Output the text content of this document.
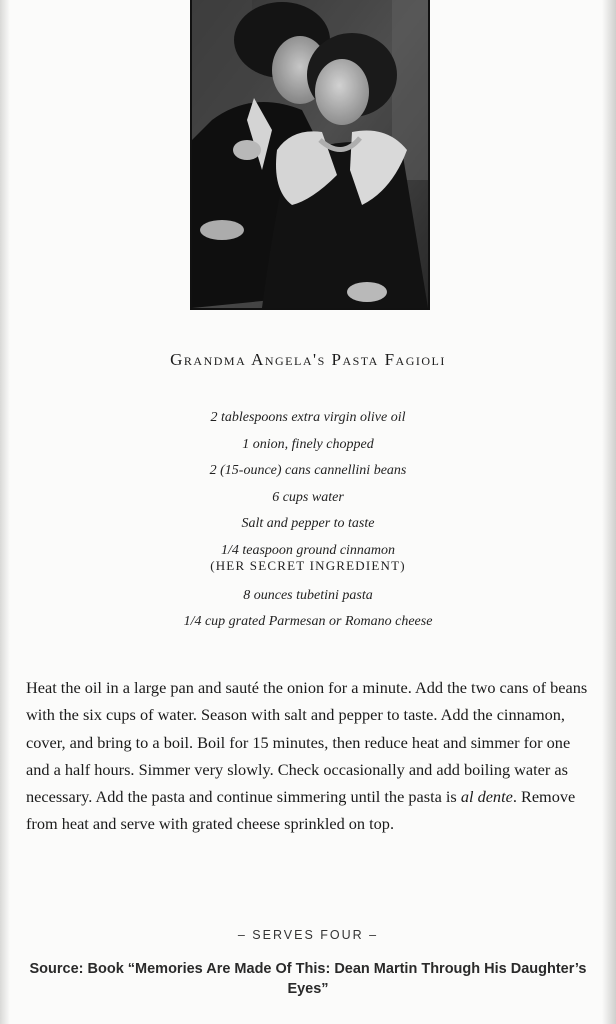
Grandma Angela's Pasta Fagioli
2 tablespoons extra virgin olive oil
1 onion, finely chopped
2 (15-ounce) cans cannellini beans
6 cups water
Salt and pepper to taste
1/4 teaspoon ground cinnamon
(HER SECRET INGREDIENT)
8 ounces tubetini pasta
1/4 cup grated Parmesan or Romano cheese

Heat the oil in a large pan and sauté the onion for a minute. Add the two cans of beans with the six cups of water. Season with salt and pepper to taste. Add the cinnamon, cover, and bring to a boil. Boil for 15 minutes, then reduce heat and simmer for one and a half hours. Simmer very slowly. Check occasionally and add boiling water as necessary. Add the pasta and continue simmering until the pasta is al dente. Remove from heat and serve with grated cheese sprinkled on top.

– SERVES FOUR –
Source: Book “Memories Are Made Of This: Dean Martin Through His Daughter’s Eyes”
